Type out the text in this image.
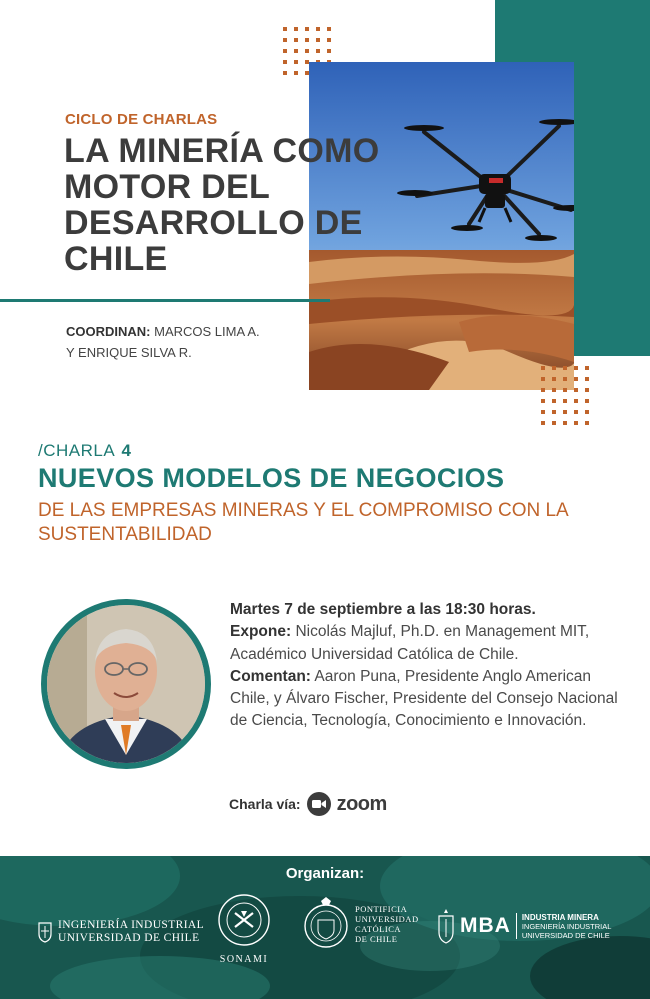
CICLO DE CHARLAS
LA MINERÍA COMO MOTOR DEL DESARROLLO DE CHILE
COORDINAN: MARCOS LIMA A.
Y ENRIQUE SILVA R.
/CHARLA 4
NUEVOS MODELOS DE NEGOCIOS
DE LAS EMPRESAS MINERAS Y EL COMPROMISO CON LA SUSTENTABILIDAD
Martes 7 de septiembre a las 18:30 horas.
Expone: Nicolás Majluf, Ph.D. en Management MIT, Académico Universidad Católica de Chile.
Comentan: Aaron Puna, Presidente Anglo American Chile, y Álvaro Fischer, Presidente del Consejo Nacional de Ciencia, Tecnología, Conocimiento e Innovación.
Charla vía: zoom
Organizan:
INGENIERÍA INDUSTRIAL
UNIVERSIDAD DE CHILE
SONAMI
PONTIFICIA
UNIVERSIDAD
CATÓLICA
DE CHILE
MBA INDUSTRIA MINERA
INGENIERÍA INDUSTRIAL
UNIVERSIDAD DE CHILE
